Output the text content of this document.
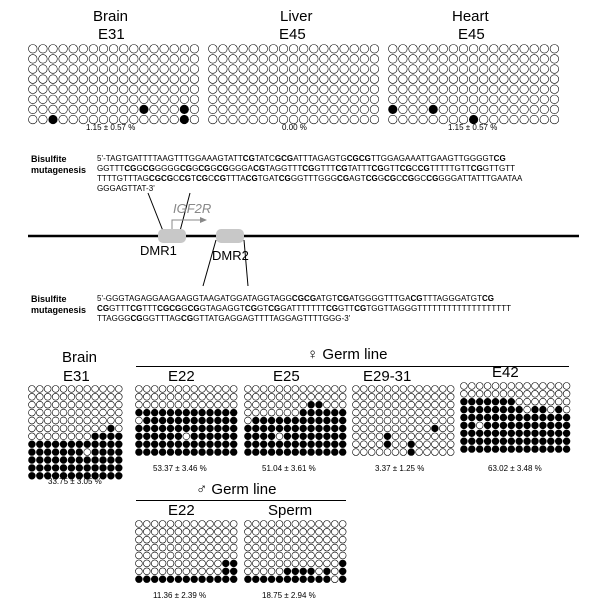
Brain
E31
Liver
E45
Heart
E45
1.15 ± 0.57 %	0.00 %	1.15 ± 0.57 %
Bisulfite mutagenesis
5'-TAGTGATTTTAAGTTTGGAAAGTATTCGTATCGCGATTTAGAGTGCGCGTTGGAGAAATTGAAGTTGGGGTCG
GGTTTCGGCGGGGGCGGCGGCGGGGACGTAGGTTTCGGTTTCGTATTTCGGTTCGCCGTTTTTGTTCGGTTGTT
TTTTGTTTAGCGCGCCGTCGCCGTTTACGTGATCGGGTTTGGGCGAGTCGGCGCCGGCCGGGGATTATTTGAATAA
GGGAGTTAT-3'
IGF2R
DMR1	DMR2
Bisulfite mutagenesis
5'-GGGTAGAGGAAGAAGGTAAGATGGATAGGTAGGCGCGATGTCGATGGGGTTTGACGTTTAGGGATGTCG
CGGTTTCGTTTCGCGGCGGTAGAGGTCGGTCGGATTTTTTTCGGTTCGTGGTTAGGGTTTTTTTTTTTTTTTTTTT
TTAGGGCGGGTTTAGCGGTTATGAGGAGTTTTAGGAGTTTTGGG-3'
Brain	♀ Germ line
E31	E22	E25	E29-31	E42
33.75 ± 3.05 %
53.37 ± 3.46 %	51.04 ± 3.61 %	3.37 ± 1.25 %	63.02 ± 3.48 %
♂ Germ line
E22	Sperm
11.36 ± 2.39 %	18.75 ± 2.94 %
